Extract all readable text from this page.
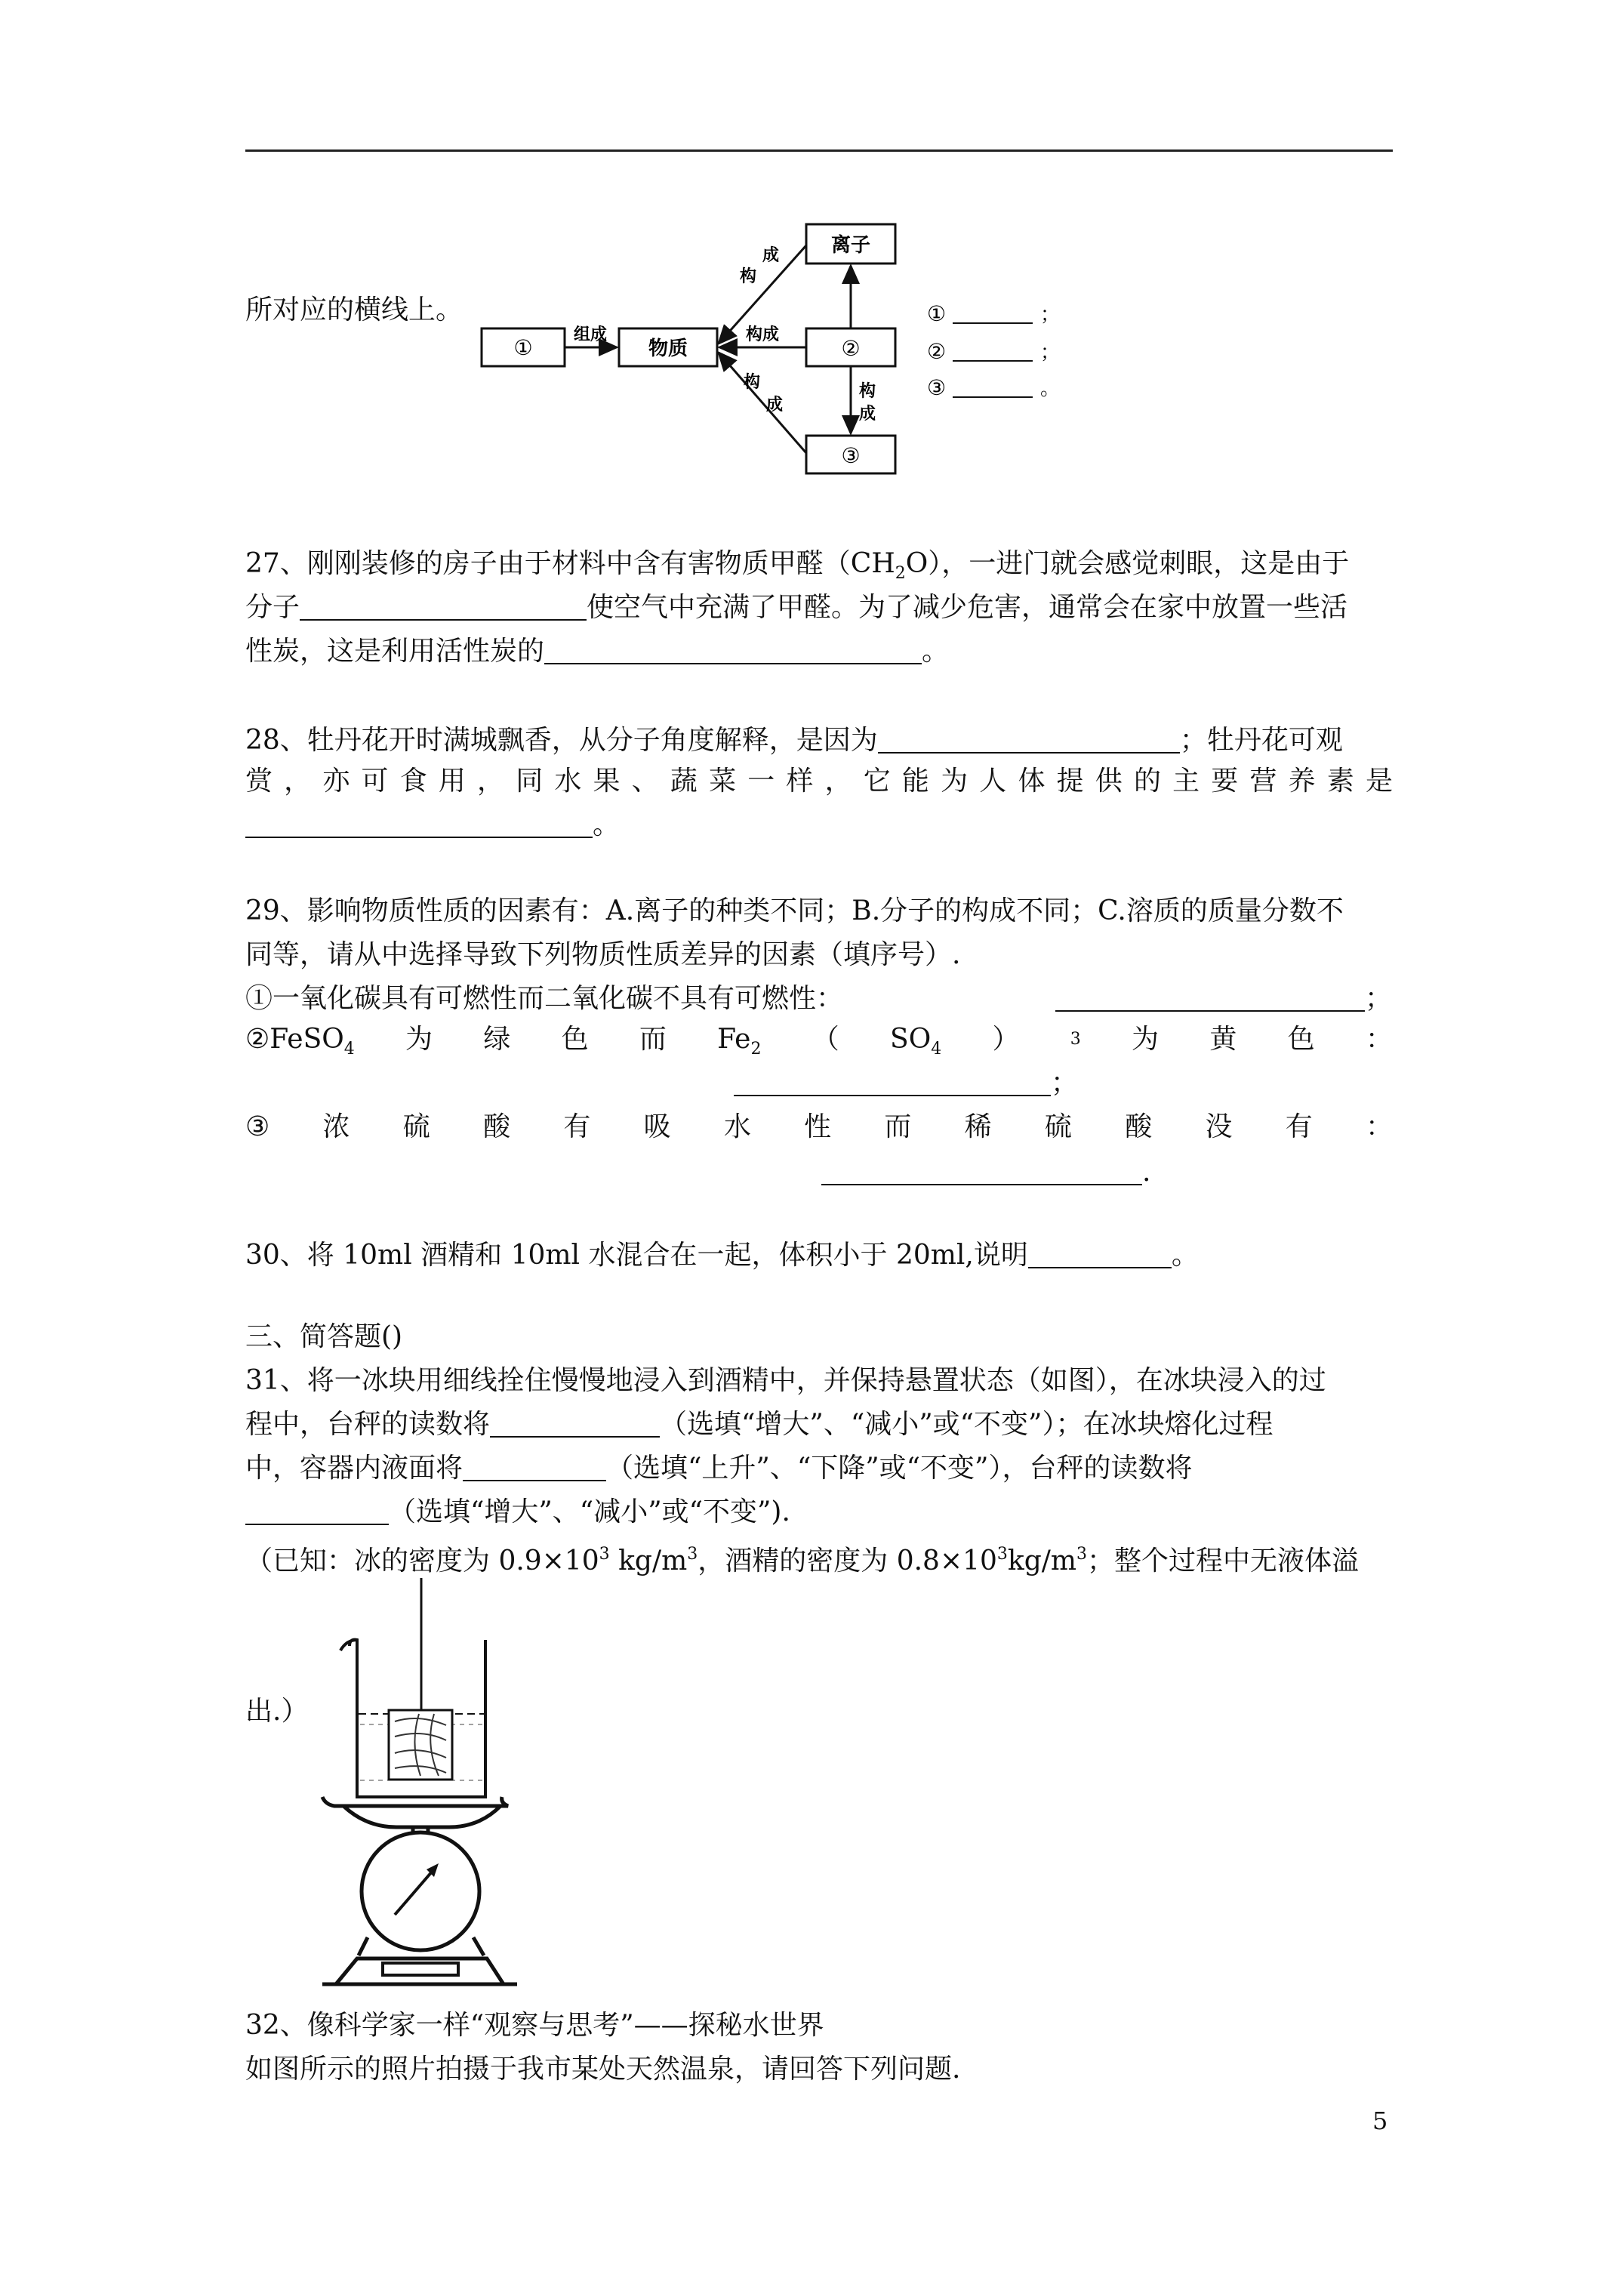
所对应的横线上。
①	物质
离子
②
③
组成
构
成
构成
构
成
构
成
①	；
②	；
③	。
27、刚刚装修的房子由于材料中含有害物质甲醛$(CH_2O)$，一进门就会感觉刺眼，这是由于
分子	使空气中充满了甲醛。为了减少危害，通常会在家中放置一些活
性炭，这是利用活性炭的	。
28、牡丹花开时满城飘香，从分子角度解释，是因为	；牡丹花可观
赏 ， 亦 可 食 用 ， 同 水 果 、 蔬 菜 一 样 ， 它 能 为 人 体 提 供 的 主 要 营 养 素 是
。
29、影响物质性质的因素有：A.离子的种类不同；B.分子的构成不同；C.溶质的质量分数不
同等，请从中选择导致下列物质性质差异的因素（填序号）.
①一氧化碳具有可燃性而二氧化碳不具有可燃性：	；
②FeSO$_4$ 为 绿 色 而 $Fe_2$ （ $SO_4$ ）	3 为 黄 色 ：
；
③ 浓 硫 酸 有 吸 水 性 而 稀 硫 酸 没 有 ：
.
30、将 10ml 酒精和 10ml 水混合在一起，体积小于 20ml,说明	。
三、简答题()
31、将一冰块用细线拴住慢慢地浸入到酒精中，并保持悬置状态（如图），在冰块浸入的过
程中，台秤的读数将	（选填“增大”、“减小”或“不变”）；在冰块熔化过程
中，容器内液面将	（选填“上升”、“下降”或“不变”），台秤的读数将
（选填“增大”、“减小”或“不变”).
（已知：冰的密度为 $0.9\times 10^3$ $kg/m^3$，酒精的密度为 $0.8\times 10^3kg/m^3$；整个过程中无液体溢
出.）
32、像科学家一样“观察与思考”——探秘水世界
如图所示的照片拍摄于我市某处天然温泉，请回答下列问题.
5
